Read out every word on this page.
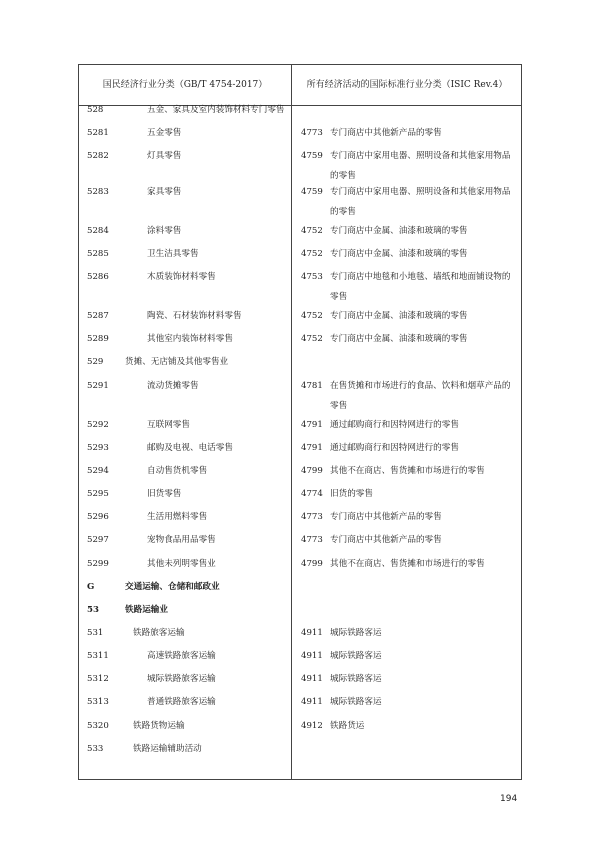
国民经济行业分类（GB/T 4754-2017）	所有经济活动的国际标准行业分类（ISIC Rev.4）
528	五金、家具及室内装饰材料专门零售
5281	五金零售	4773 专门商店中其他新产品的零售
5282	灯具零售	4759 专门商店中家用电器、照明设备和其他家用物品
的零售
5283	家具零售	4759 专门商店中家用电器、照明设备和其他家用物品
的零售
5284	涂料零售	4752 专门商店中金属、油漆和玻璃的零售
5285	卫生洁具零售	4752 专门商店中金属、油漆和玻璃的零售
5286	木质装饰材料零售	4753 专门商店中地毯和小地毯、墙纸和地面铺设物的
零售
5287	陶瓷、石材装饰材料零售	4752 专门商店中金属、油漆和玻璃的零售
5289	其他室内装饰材料零售	4752 专门商店中金属、油漆和玻璃的零售
529	货摊、无店铺及其他零售业
5291	流动货摊零售	4781 在售货摊和市场进行的食品、饮料和烟草产品的
零售
5292	互联网零售	4791 通过邮购商行和因特网进行的零售
5293	邮购及电视、电话零售	4791 通过邮购商行和因特网进行的零售
5294	自动售货机零售	4799 其他不在商店、售货摊和市场进行的零售
5295	旧货零售	4774 旧货的零售
5296	生活用燃料零售	4773 专门商店中其他新产品的零售
5297	宠物食品用品零售	4773 专门商店中其他新产品的零售
5299	其他未列明零售业	4799 其他不在商店、售货摊和市场进行的零售
G	交通运输、仓储和邮政业
53	铁路运输业
531	铁路旅客运输	4911 城际铁路客运
5311	高速铁路旅客运输	4911 城际铁路客运
5312	城际铁路旅客运输	4911 城际铁路客运
5313	普通铁路旅客运输	4911 城际铁路客运
5320	铁路货物运输	4912 铁路货运
533	铁路运输辅助活动
194
